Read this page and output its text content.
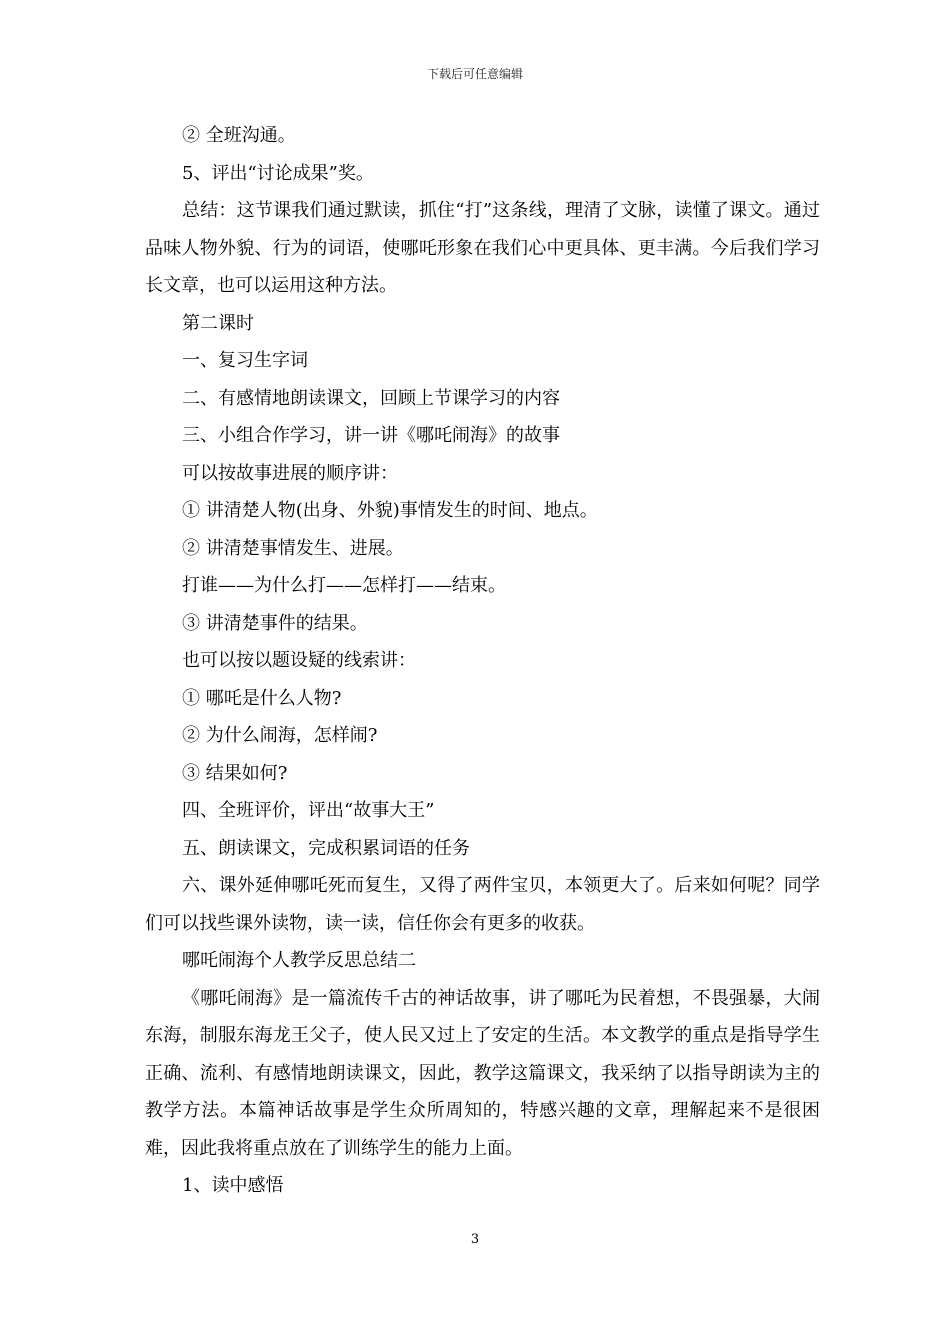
下载后可任意编辑

② 全班沟通。

5、评出“讨论成果”奖。

总结：这节课我们通过默读，抓住“打”这条线，理清了文脉，读懂了课文。通过品味人物外貌、行为的词语，使哪吒形象在我们心中更具体、更丰满。今后我们学习长文章，也可以运用这种方法。

第二课时

一、复习生字词

二、有感情地朗读课文，回顾上节课学习的内容

三、小组合作学习，讲一讲《哪吒闹海》的故事

可以按故事进展的顺序讲：

① 讲清楚人物(出身、外貌)事情发生的时间、地点。

② 讲清楚事情发生、进展。

打谁——为什么打——怎样打——结束。

③ 讲清楚事件的结果。

也可以按以题设疑的线索讲：

① 哪吒是什么人物?

② 为什么闹海，怎样闹?

③ 结果如何?

四、全班评价，评出“故事大王”

五、朗读课文，完成积累词语的任务

六、课外延伸哪吒死而复生，又得了两件宝贝，本领更大了。后来如何呢？同学们可以找些课外读物，读一读，信任你会有更多的收获。

哪吒闹海个人教学反思总结二

《哪吒闹海》是一篇流传千古的神话故事，讲了哪吒为民着想，不畏强暴，大闹东海，制服东海龙王父子，使人民又过上了安定的生活。本文教学的重点是指导学生正确、流利、有感情地朗读课文，因此，教学这篇课文，我采纳了以指导朗读为主的教学方法。本篇神话故事是学生众所周知的，特感兴趣的文章，理解起来不是很困难，因此我将重点放在了训练学生的能力上面。

1、读中感悟

3
